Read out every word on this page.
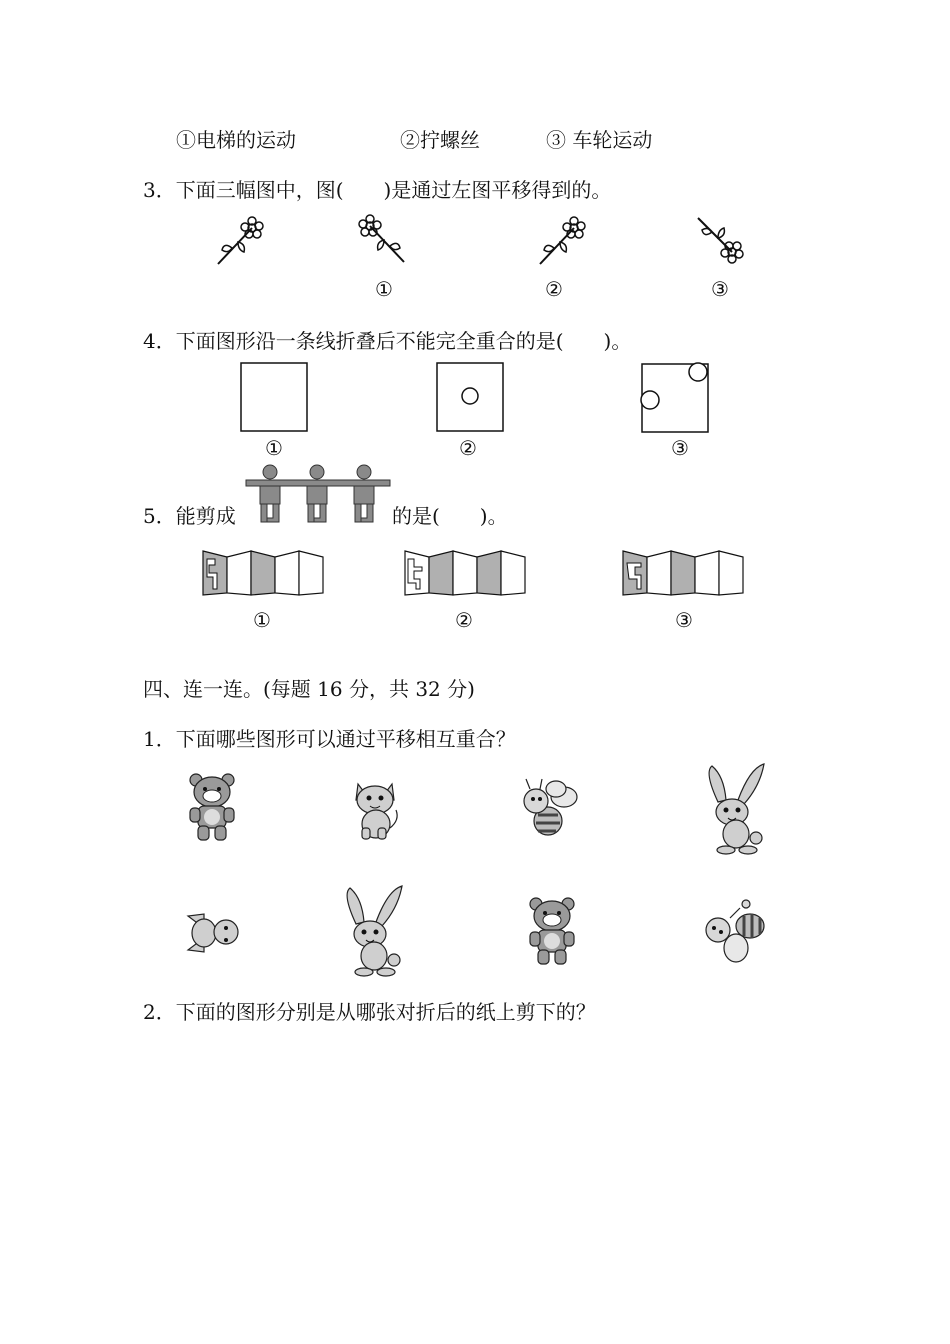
①电梯的运动	②拧螺丝	③ 车轮运动
3．下面三幅图中，图(　　)是通过左图平移得到的。
①	②	③
4．下面图形沿一条线折叠后不能完全重合的是(　　)。
①	②	③
5．能剪成	的是(　　)。
①	②	③
四、连一连。(每题 16 分，共 32 分)
1．下面哪些图形可以通过平移相互重合？
2．下面的图形分别是从哪张对折后的纸上剪下的？
